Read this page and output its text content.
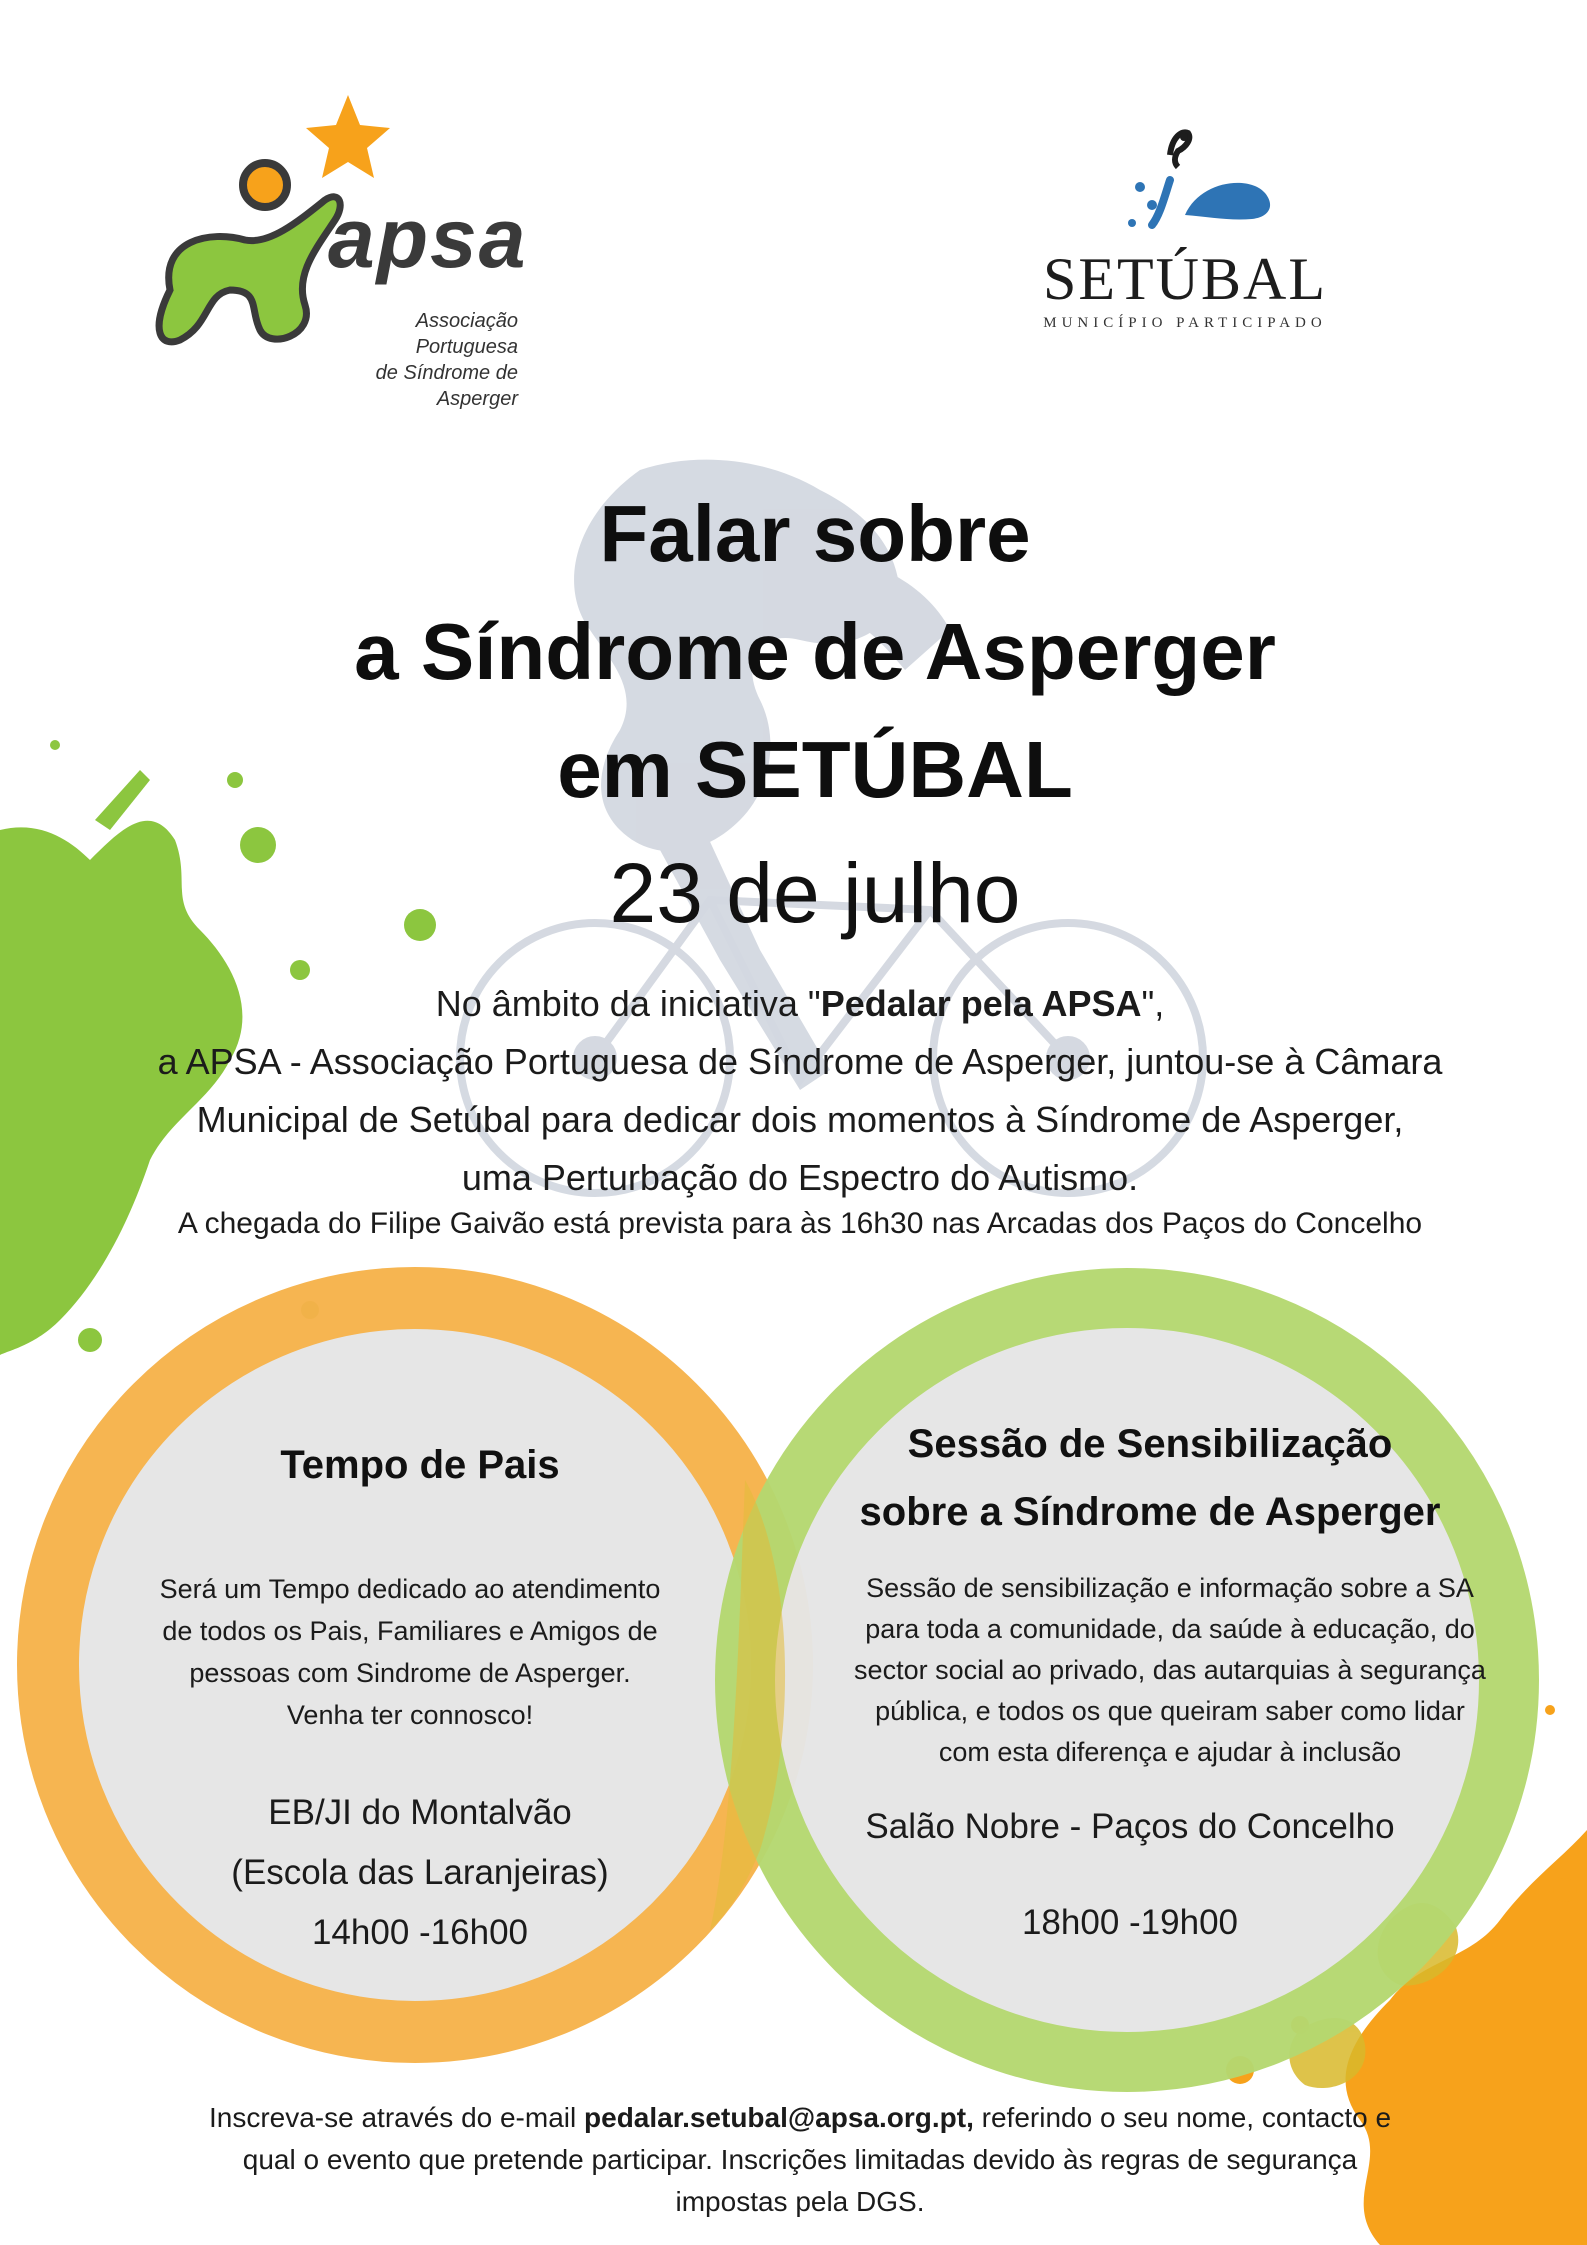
apsa
Associação Portuguesa
de Síndrome de Asperger
SETÚBAL
MUNICÍPIO PARTICIPADO
Falar sobre
a Síndrome de Asperger
em SETÚBAL
23 de julho
No âmbito da iniciativa "Pedalar pela APSA",
a APSA - Associação Portuguesa de Síndrome de Asperger, juntou-se à Câmara
Municipal de Setúbal para dedicar dois momentos à Síndrome de Asperger,
uma Perturbação do Espectro do Autismo.
A chegada do Filipe Gaivão está prevista para às 16h30 nas Arcadas dos Paços do Concelho
Tempo de Pais
Será um Tempo dedicado ao atendimento
de todos os Pais, Familiares e Amigos de
pessoas com Sindrome de Asperger.
Venha ter connosco!
EB/JI do Montalvão
(Escola das Laranjeiras)
14h00 -16h00
Sessão de Sensibilização
sobre a Síndrome de Asperger
Sessão de sensibilização e informação sobre a SA
para toda a comunidade, da saúde à educação, do
sector social ao privado, das autarquias à segurança
pública, e todos os que queiram saber como lidar
com esta diferença e ajudar à inclusão
Salão Nobre - Paços do Concelho
18h00 -19h00
Inscreva-se através do e-mail pedalar.setubal@apsa.org.pt, referindo o seu nome, contacto e
qual o evento que pretende participar. Inscrições limitadas devido às regras de segurança
impostas pela DGS.
